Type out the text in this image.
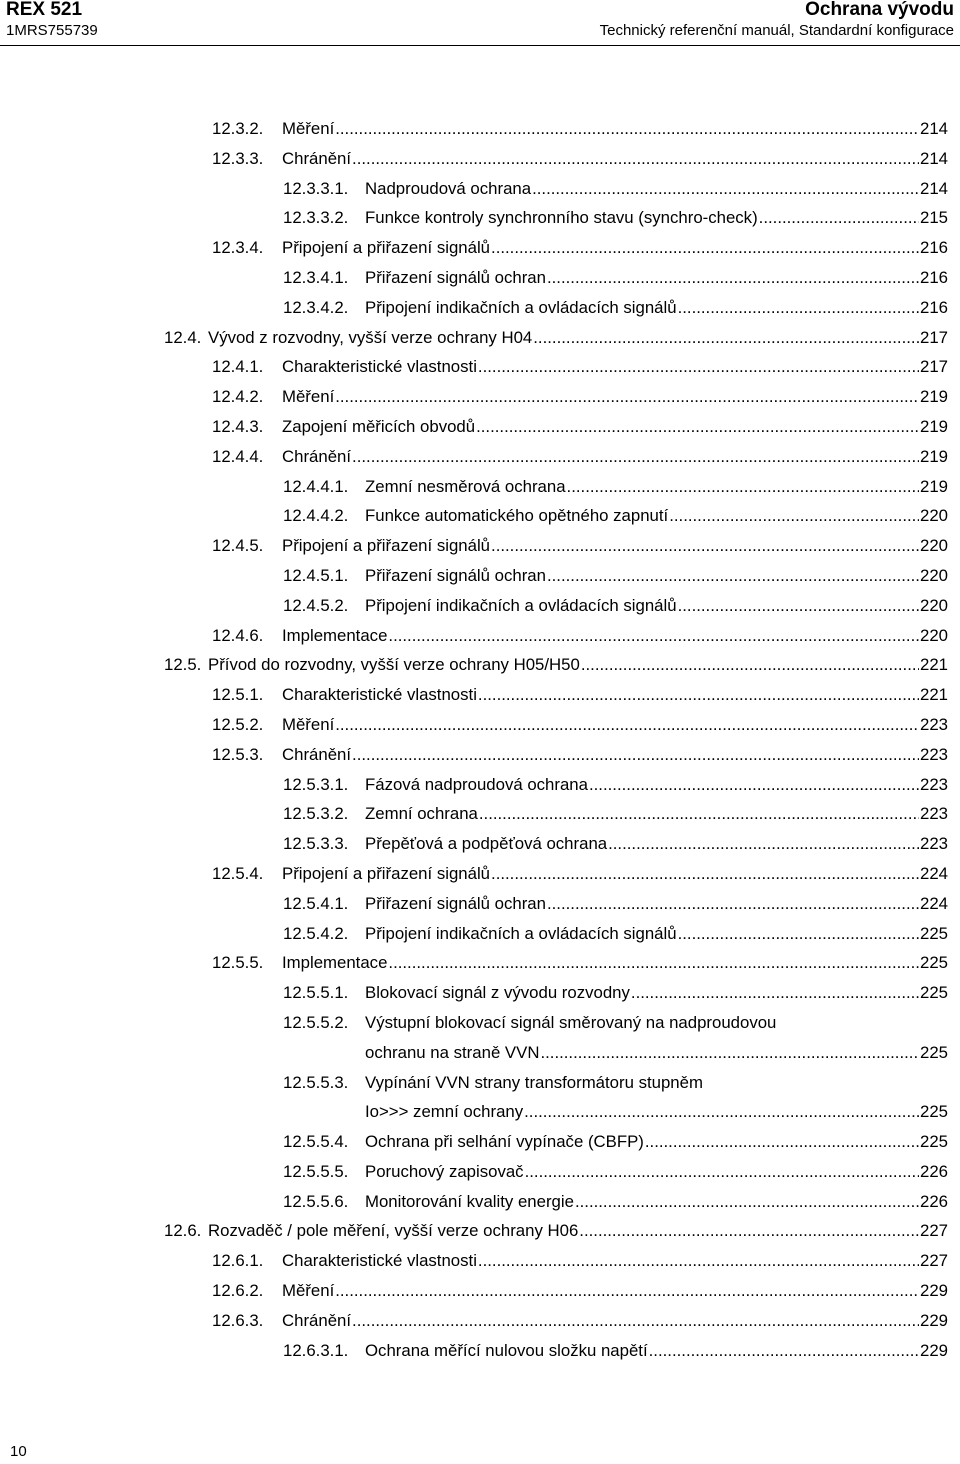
REX 521
1MRS755739
Ochrana vývodu
Technický referenční manuál, Standardní konfigurace
12.3.2.	Měření .....	214
12.3.3.	Chránění .....	214
12.3.3.1. Nadproudová ochrana .....	214
12.3.3.2. Funkce kontroly synchronního stavu (synchro-check) .....	215
12.3.4.	Připojení a přiřazení signálů .....	216
12.3.4.1. Přiřazení signálů ochran .....	216
12.3.4.2. Připojení indikačních a ovládacích signálů .....	216
12.4. Vývod z rozvodny, vyšší verze ochrany H04 .....	217
12.4.1.	Charakteristické vlastnosti .....	217
12.4.2.	Měření .....	219
12.4.3.	Zapojení měřicích obvodů .....	219
12.4.4.	Chránění .....	219
12.4.4.1. Zemní nesměrová ochrana .....	219
12.4.4.2. Funkce automatického opětného zapnutí .....	220
12.4.5.	Připojení a přiřazení signálů .....	220
12.4.5.1. Přiřazení signálů ochran .....	220
12.4.5.2. Připojení indikačních a ovládacích signálů .....	220
12.4.6.	Implementace .....	220
12.5. Přívod do rozvodny, vyšší verze ochrany H05/H50 .....	221
12.5.1.	Charakteristické vlastnosti .....	221
12.5.2.	Měření .....	223
12.5.3.	Chránění .....	223
12.5.3.1. Fázová nadproudová ochrana .....	223
12.5.3.2. Zemní ochrana .....	223
12.5.3.3. Přepěťová a podpěťová ochrana .....	223
12.5.4.	Připojení a přiřazení signálů .....	224
12.5.4.1. Přiřazení signálů ochran .....	224
12.5.4.2. Připojení indikačních a ovládacích signálů .....	225
12.5.5.	Implementace .....	225
12.5.5.1. Blokovací signál z vývodu rozvodny .....	225
12.5.5.2. Výstupní blokovací signál směrovaný na nadproudovou
ochranu na straně VVN .....	225
12.5.5.3. Vypínání VVN strany transformátoru stupněm
Io>>> zemní ochrany .....	225
12.5.5.4. Ochrana při selhání vypínače (CBFP) .....	225
12.5.5.5. Poruchový zapisovač .....	226
12.5.5.6. Monitorování kvality energie .....	226
12.6. Rozvaděč / pole měření, vyšší verze ochrany H06 .....	227
12.6.1.	Charakteristické vlastnosti .....	227
12.6.2.	Měření .....	229
12.6.3.	Chránění .....	229
12.6.3.1. Ochrana měřící nulovou složku napětí .....	229
10
